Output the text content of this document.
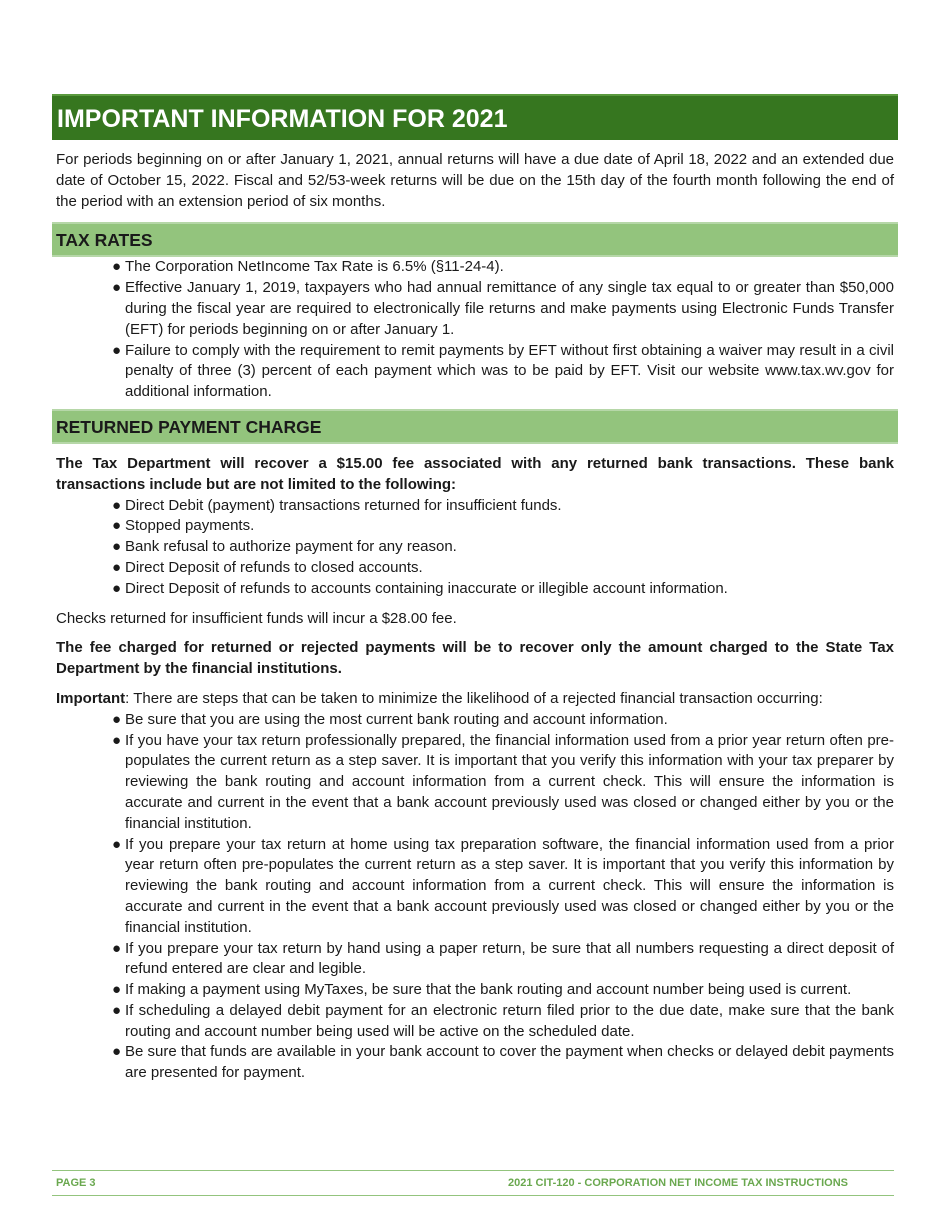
IMPORTANT INFORMATION FOR 2021
For periods beginning on or after January 1, 2021, annual returns will have a due date of April 18, 2022 and an extended due date of October 15, 2022. Fiscal and 52/53-week returns will be due on the 15th day of the fourth month following the end of the period with an extension period of six months.
TAX RATES
● The Corporation NetIncome Tax Rate is 6.5% (§11-24-4).
● Effective January 1, 2019, taxpayers who had annual remittance of any single tax equal to or greater than $50,000 during the fiscal year are required to electronically file returns and make payments using Electronic Funds Transfer (EFT) for periods beginning on or after January 1.
● Failure to comply with the requirement to remit payments by EFT without first obtaining a waiver may result in a civil penalty of three (3) percent of each payment which was to be paid by EFT. Visit our website www.tax.wv.gov for additional information.
RETURNED PAYMENT CHARGE
The Tax Department will recover a $15.00 fee associated with any returned bank transactions. These bank transactions include but are not limited to the following:
● Direct Debit (payment) transactions returned for insufficient funds.
● Stopped payments.
● Bank refusal to authorize payment for any reason.
● Direct Deposit of refunds to closed accounts.
● Direct Deposit of refunds to accounts containing inaccurate or illegible account information.
Checks returned for insufficient funds will incur a $28.00 fee.
The fee charged for returned or rejected payments will be to recover only the amount charged to the State Tax Department by the financial institutions.
Important: There are steps that can be taken to minimize the likelihood of a rejected financial transaction occurring:
● Be sure that you are using the most current bank routing and account information.
● If you have your tax return professionally prepared, the financial information used from a prior year return often pre-populates the current return as a step saver. It is important that you verify this information with your tax preparer by reviewing the bank routing and account information from a current check. This will ensure the information is accurate and current in the event that a bank account previously used was closed or changed either by you or the financial institution.
● If you prepare your tax return at home using tax preparation software, the financial information used from a prior year return often pre-populates the current return as a step saver. It is important that you verify this information by reviewing the bank routing and account information from a current check. This will ensure the information is accurate and current in the event that a bank account previously used was closed or changed either by you or the financial institution.
● If you prepare your tax return by hand using a paper return, be sure that all numbers requesting a direct deposit of refund entered are clear and legible.
● If making a payment using MyTaxes, be sure that the bank routing and account number being used is current.
● If scheduling a delayed debit payment for an electronic return filed prior to the due date, make sure that the bank routing and account number being used will be active on the scheduled date.
● Be sure that funds are available in your bank account to cover the payment when checks or delayed debit payments are presented for payment.
PAGE 3	2021 CIT-120 - CORPORATION NET INCOME TAX INSTRUCTIONS
